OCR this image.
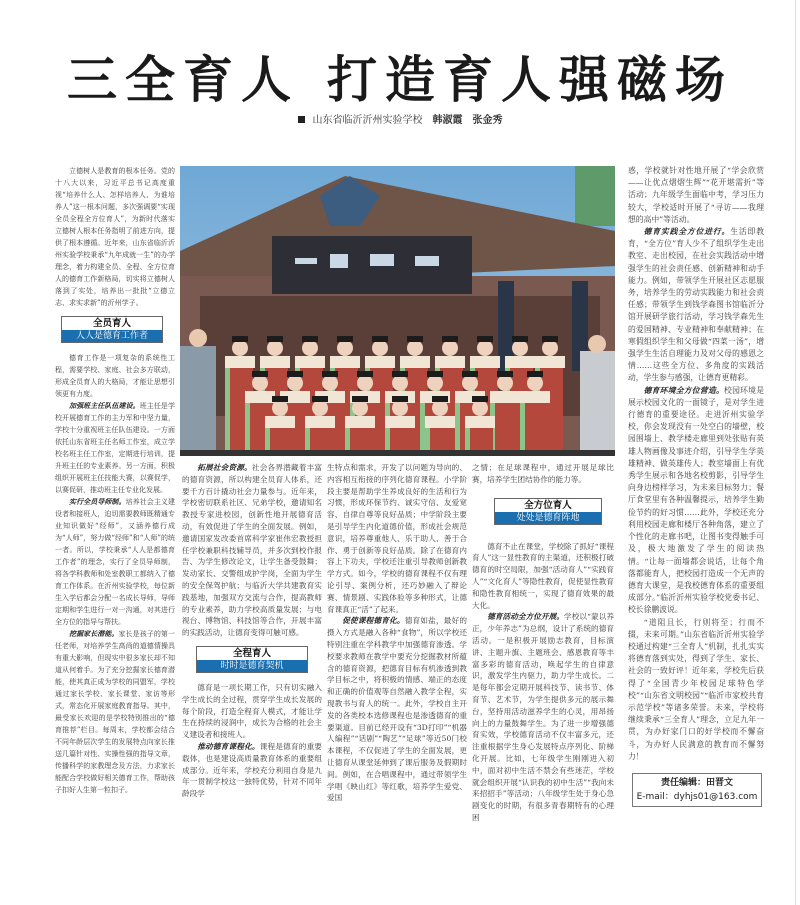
三全育人 打造育人强磁场
山东省临沂沂州实验学校 韩淑霞　张金秀

立德树人是教育的根本任务。党的十八大以来，习近平总书记高度重视“培养什么人、怎样培养人、为谁培养人”这一根本问题，多次强调要“实现全员全程全方位育人”，为新时代落实立德树人根本任务指明了前进方向，提供了根本遵循。近年来，山东省临沂沂州实验学校秉承“九年成就一生”的办学理念，着力构建全员、全程、全方位育人的德育工作新格局，切实将立德树人落到了实处，培养出一批批“立德立志、求实求新”的沂州学子。

全员育人
人人是德育工作者

德育工作是一项复杂的系统性工程，需要学校、家庭、社会多方联动，形成全员育人的大格局，才能让思想引领更有力度。

加强班主任队伍建设。班主任是学校开展德育工作的主力军和中坚力量，学校十分重视班主任队伍建设。一方面依托山东省班主任名师工作室，成立学校名班主任工作室，定期进行培训，提升班主任的专业素养。另一方面，积极组织开展班主任技能大赛，以赛促学，以赛促研，推动班主任专业化发展。

实行全员导师制。培养社会主义建设者和接班人，迫切需要教师既精通专业知识做好“经师”，又涵养德行成为“人师”，努力做“经师”和“人师”的统一者。所以，学校秉承“人人是都德育工作者”的理念，实行了全员导师制，将各学科教师和处室教职工都纳入了德育工作体系。在沂州实验学校，每位新生入学后都会分配一名成长导师，导师定期和学生进行一对一沟通，对其进行全方位的指导与帮扶。

挖掘家长潜能。家长是孩子的第一任老师，对培养学生高尚的道德情操具有重大影响，但现实中很多家长却不知道从何着手。为了充分挖掘家长德育潜能，使其真正成为学校的同盟军，学校通过家长学校、家长课堂、家访等形式，常态化开展家庭教育指导。其中，最受家长欢迎的是学校特别推出的“德育推荐”栏目。每周末，学校都会结合不同年龄层次学生的发展特点向家长推送几篇针对性、实操性强的指导文章，传播科学的家教理念及方法，力求家长能配合学校做好相关德育工作，帮助孩子扣好人生第一粒扣子。

拓展社会资源。社会各界潜藏着丰富的德育资源，所以构建全员育人体系，还要千方百计撬动社会力量参与。近年来，学校密切联系社区、兄弟学校，邀请知名教授专家进校园，创新性地开展德育活动，有效促进了学生的全面发展。例如，邀请国家发改委首席科学家崔伟宏教授担任学校兼职科技辅导员，并多次到校作报告、为学生修改论文，让学生备受鼓舞；发动家长、交警组成护学岗，全面为学生的安全保驾护航；与临沂大学共建教育实践基地，加强双方交流与合作，提高教师的专业素养，助力学校高质量发展；与电视台、博物馆、科技馆等合作，开展丰富的实践活动，让德育变得可触可感。

全程育人
时时是德育契机

德育是一项长期工作，只有切实融入学生成长的全过程，贯穿学生成长发展的每个阶段，打造全程育人模式，才能让学生在持续的浸润中，成长为合格的社会主义建设者和接班人。

推动德育课程化。课程是德育的重要载体，也是建设高质量教育体系的重要组成部分。近年来，学校充分利用自身是九年一贯制学校这一独特优势，针对不同年龄段学

生特点和需求，开发了以问题为导向的、内容相互衔接的序列化德育课程。小学阶段主要是帮助学生养成良好的生活和行为习惯，形成环保节约、诚实守信、友爱宽容、自律自尊等良好品质；中学阶段主要是引导学生内化道德价值，形成社会规范意识，培养尊重他人、乐于助人、善于合作、勇于创新等良好品质。除了在德育内容上下功夫，学校还注重引导教师创新教学方式。如今，学校的德育课程不仅有理论引导、案例分析，还巧妙融入了辩论赛、情景剧、实践体验等多种形式，让德育课真正“活”了起来。

促使课程德育化。德育如盐，最好的摄入方式是融入各种“食物”，所以学校还特别注重在学科教学中加强德育渗透。学校要求教师在教学中要充分挖掘教材所蕴含的德育资源，把德育目标有机渗透到教学目标之中，将积极的情感、端正的态度和正确的价值观等自然融入教学全程，实现教书与育人的统一。此外，学校自主开发的各类校本选修课程也是渗透德育的重要渠道。目前已经开设有“3D打印”“机器人编程”“话剧”“陶艺”“足球”等近50门校本课程，不仅促进了学生的全面发展，更让德育从课堂延伸到了课后服务及假期时间。例如，在合唱课程中，通过带领学生学唱《映山红》等红歌，培养学生爱党、爱国

之情；在足球课程中，通过开展足球比赛，培养学生团结协作的能力等。

全方位育人
处处是德育阵地

德育不止在课堂，学校除了抓好“课程育人”这一显性教育的主渠道，还积极打破德育的时空局限，加强“活动育人”“实践育人”“文化育人”等隐性教育，促使显性教育和隐性教育相统一，实现了德育效果的最大化。

德育活动全方位开展。学校以“蒙以养正，少年养志”为总纲，设计了系统的德育活动。一是积极开展励志教育，目标演讲、主题升旗、主题班会、感恩教育等丰富多彩的德育活动，唤起学生的自律意识，激发学生内驱力，助力学生成长。二是每年都会定期开展科技节、读书节、体育节、艺术节，为学生提供多元的展示舞台，坚持用活动滋养学生的心灵，用昂扬向上的力量鼓舞学生。为了进一步增强德育实效，学校德育活动不仅丰富多元，还注重根据学生身心发展特点序列化、阶梯化开展。比如，七年级学生刚刚进入初中，面对初中生活不禁会有些迷茫，学校就会组织开展“认识我的初中生活”“我向未来招招手”等活动；八年级学生处于身心急剧变化的时期，有很多青春期特有的心理困

惑，学校就针对性地开展了“学会欣赏——让优点熠熠生辉”“花开堪需折”等活动；九年级学生面临中考，学习压力较大，学校适时开展了“寻访——我理想的高中”等活动。

德育实践全方位进行。生活即教育，“全方位”育人少不了组织学生走出教室、走出校园，在社会实践活动中增强学生的社会责任感、创新精神和动手能力。例如，带领学生开展社区志愿服务，培养学生的劳动实践能力和社会责任感；带领学生到钱学森图书馆临沂分馆开展研学旅行活动，学习钱学森先生的爱国精神、专业精神和奉献精神；在寒假组织学生和父母做“四菜一汤”，增强学生生活自理能力及对父母的感恩之情……这些全方位、多角度的实践活动，学生参与感强，让德育更精彩。

德育环境全方位营造。校园环境是展示校园文化的一面镜子，是对学生进行德育的重要途径。走进沂州实验学校，你会发现没有一处空白的墙壁，校园围墙上、教学楼走廊里到处张贴有英雄人物画像及事迹介绍，引导学生学英雄精神、做英雄传人；教室墙面上有优秀学生展示和各地名校剪影，引导学生向身边榜样学习，为未来目标努力；餐厅食堂里有各种温馨提示，培养学生勤俭节约的好习惯……此外，学校还充分利用校园走廊和楼厅各种角落，建立了个性化的走廊书吧，让图书变得触手可及，极大地激发了学生的阅读热情。“让每一面墙都会说话，让每个角落都能育人，把校园打造成一个无声的德育大课堂，是我校德育体系的重要组成部分。”临沂沂州实验学校党委书记、校长徐鹏波说。

“道阻且长，行则将至；行而不辍，未来可期。”山东省临沂沂州实验学校通过构建“三全育人”机制，扎扎实实将德育落到实处，得到了学生、家长、社会的一致好评！近年来，学校先后获得了“全国青少年校园足球特色学校”“山东省文明校园”“临沂市家校共育示范学校”等诸多荣誉。未来，学校将继续秉承“三全育人”理念，立足九年一贯，为办好家门口的好学校而不懈奋斗，为办好人民满意的教育而不懈努力！

责任编辑：田晋文
E-mail：dyhjs01@163.com
